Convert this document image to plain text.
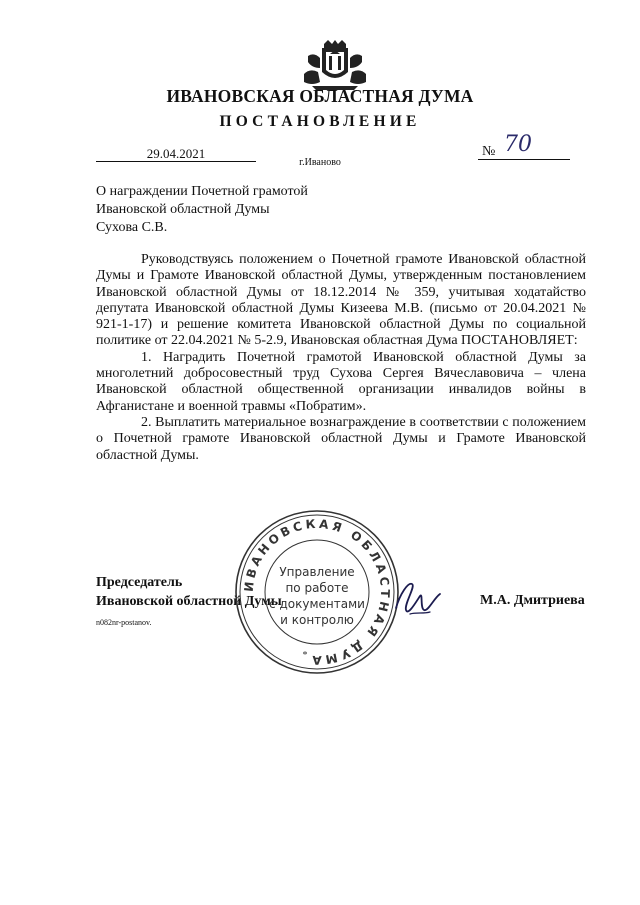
ИВАНОВСКАЯ ОБЛАСТНАЯ ДУМА
ПОСТАНОВЛЕНИЕ
29.04.2021	№ 70
г.Иваново
О награждении Почетной грамотой
Ивановской областной Думы
Сухова С.В.

Руководствуясь положением о Почетной грамоте Ивановской областной Думы и Грамоте Ивановской областной Думы, утвержденным постановлением Ивановской областной Думы от 18.12.2014 № 359, учитывая ходатайство депутата Ивановской областной Думы Кизеева М.В. (письмо от 20.04.2021 № 921-1-17) и решение комитета Ивановской областной Думы по социальной политике от 22.04.2021 № 5-2.9, Ивановская областная Дума ПОСТАНОВЛЯЕТ:

1. Наградить Почетной грамотой Ивановской областной Думы за многолетний добросовестный труд Сухова Сергея Вячеславовича – члена Ивановской областной общественной организации инвалидов войны в Афганистане и военной травмы «Побратим».

2. Выплатить материальное вознаграждение в соответствии с положением о Почетной грамоте Ивановской областной Думы и Грамоте Ивановской областной Думы.

Председатель
Ивановской областной Думы	М.А. Дмитриева
n082nr-postanov.
ИВАНОВСКАЯ ОБЛАСТНАЯ ДУМА
Управление
по работе
с документами
и контролю
*
